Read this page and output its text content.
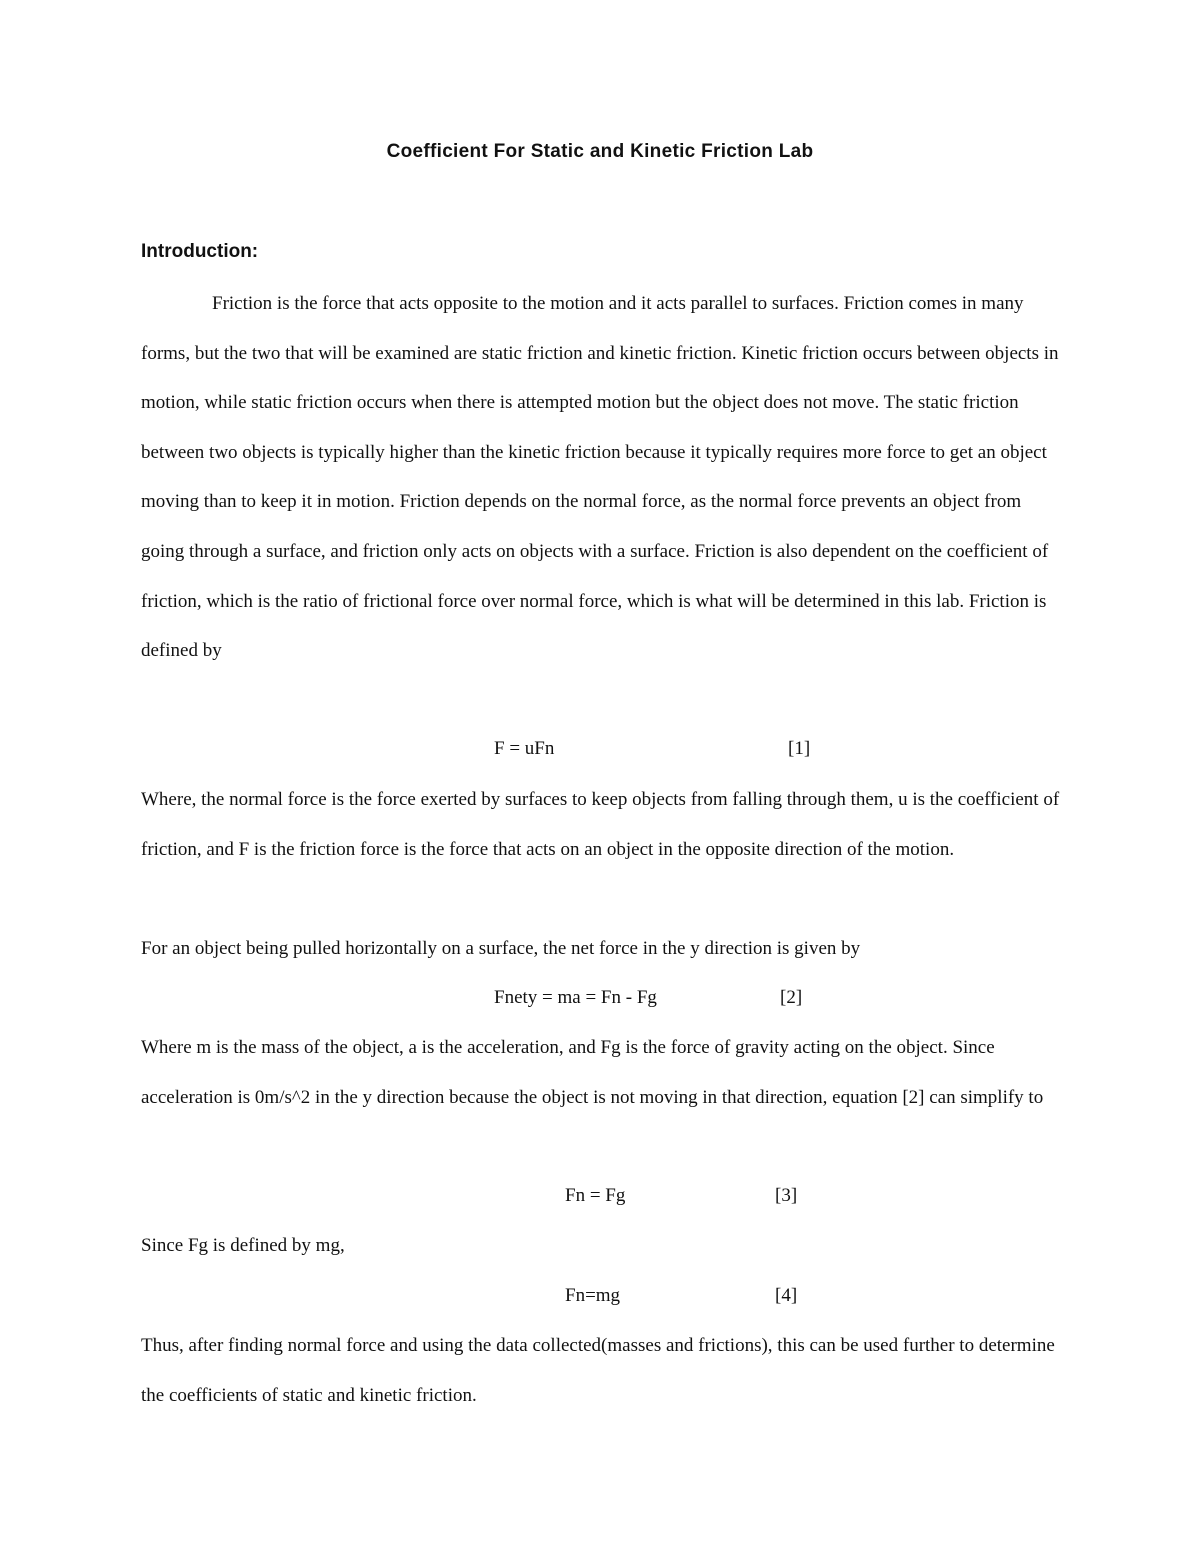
Coefficient For Static and Kinetic Friction Lab
Introduction:

Friction is the force that acts opposite to the motion and it acts parallel to surfaces. Friction comes in many forms, but the two that will be examined are static friction and kinetic friction. Kinetic friction occurs between objects in motion, while static friction occurs when there is attempted motion but the object does not move. The static friction between two objects is typically higher than the kinetic friction because it typically requires more force to get an object moving than to keep it in motion. Friction depends on the normal force, as the normal force prevents an object from going through a surface, and friction only acts on objects with a surface. Friction is also dependent on the coefficient of friction, which is the ratio of frictional force over normal force, which is what will be determined in this lab. Friction is defined by

F = uFn	[1]

Where, the normal force is the force exerted by surfaces to keep objects from falling through them, u is the coefficient of friction, and F is the friction force is the force that acts on an object in the opposite direction of the motion.

For an object being pulled horizontally on a surface, the net force in the y direction is given by

Fnety = ma = Fn - Fg	[2]

Where m is the mass of the object, a is the acceleration, and Fg is the force of gravity acting on the object. Since acceleration is 0m/s^2 in the y direction because the object is not moving in that direction, equation [2] can simplify to

Fn = Fg	[3]

Since Fg is defined by mg,

Fn=mg	[4]

Thus, after finding normal force and using the data collected(masses and frictions), this can be used further to determine the coefficients of static and kinetic friction.
